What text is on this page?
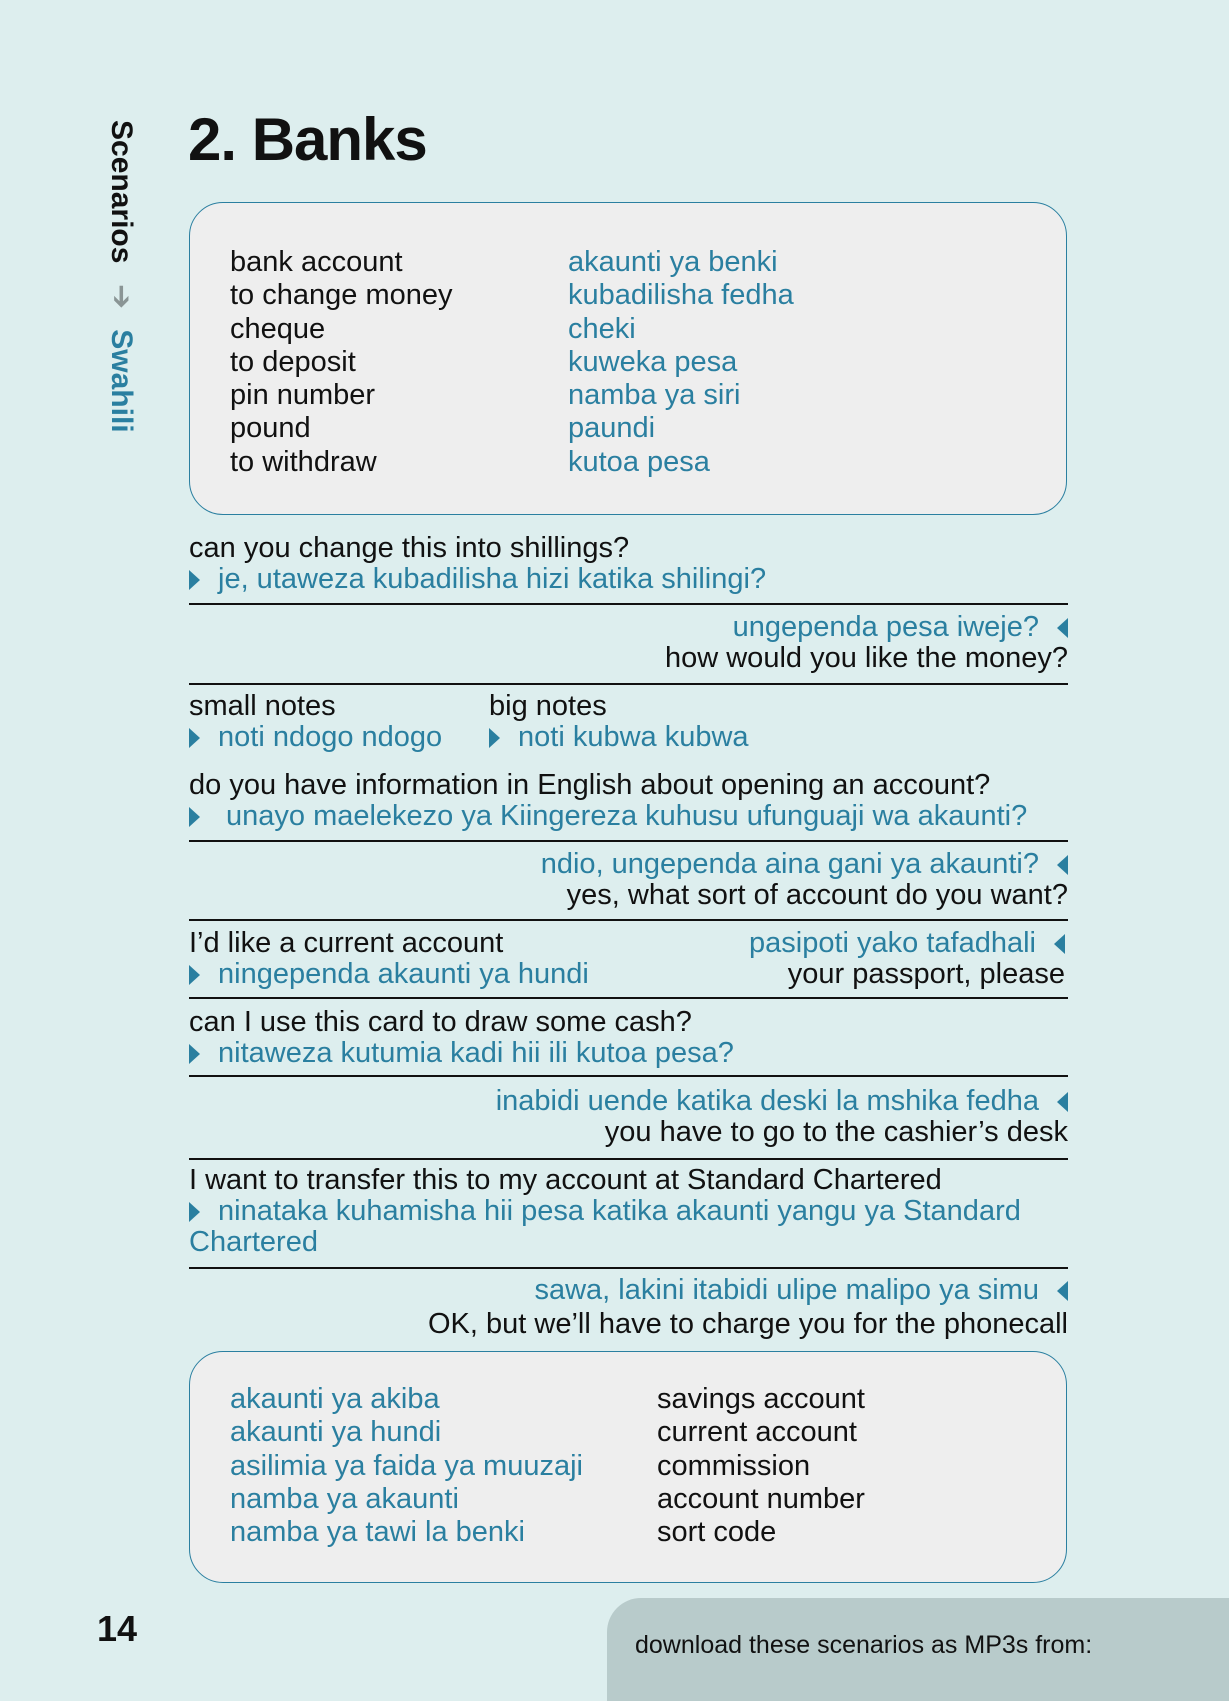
Scenarios ➔ Swahili
2. Banks
bank account	akaunti ya benki
to change money	kubadilisha fedha
cheque	cheki
to deposit	kuweka pesa
pin number	namba ya siri
pound	paundi
to withdraw	kutoa pesa
can you change this into shillings?
je, utaweza kubadilisha hizi katika shilingi?
ungependa pesa iweje?
how would you like the money?
small notes
noti ndogo ndogo
big notes
noti kubwa kubwa
do you have information in English about opening an account?
unayo maelekezo ya Kiingereza kuhusu ufunguaji wa akaunti?
ndio, ungependa aina gani ya akaunti?
yes, what sort of account do you want?
I’d like a current account
ningependa akaunti ya hundi
pasipoti yako tafadhali
your passport, please
can I use this card to draw some cash?
nitaweza kutumia kadi hii ili kutoa pesa?
inabidi uende katika deski la mshika fedha
you have to go to the cashier’s desk
I want to transfer this to my account at Standard Chartered
ninataka kuhamisha hii pesa katika akaunti yangu ya Standard Chartered
sawa, lakini itabidi ulipe malipo ya simu
OK, but we’ll have to charge you for the phonecall
akaunti ya akiba	savings account
akaunti ya hundi	current account
asilimia ya faida ya muuzaji	commission
namba ya akaunti	account number
namba ya tawi la benki	sort code
14	download these scenarios as MP3s from:
